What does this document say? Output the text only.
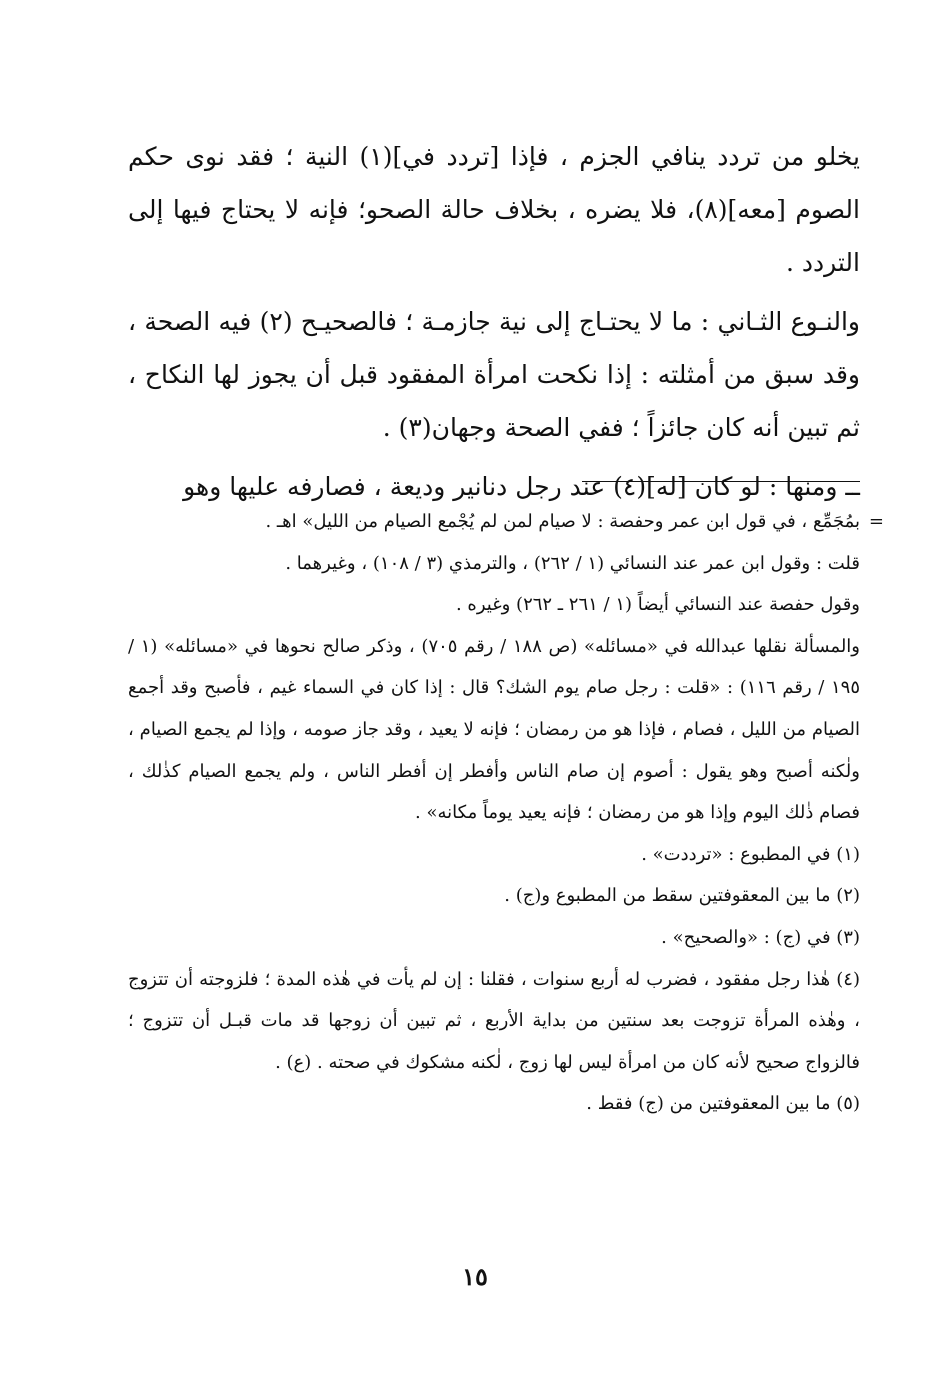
يخلو من تردد ينافي الجزم ، فإذا [تردد في](١) النية ؛ فقد نوى حكم الصوم [معه](٨)، فلا يضره ، بخلاف حالة الصحو؛ فإنه لا يحتاج فيها إلى التردد .

والنـوع الثـاني : ما لا يحتـاج إلى نية جازمـة ؛ فالصحيـح (٢) فيه الصحة ، وقد سبق من أمثلته : إذا نكحت امرأة المفقود قبل أن يجوز لها النكاح ، ثم تبين أنه كان جائزاً ؛ ففي الصحة وجهان(٣) .

ــ ومنها : لو كان [له](٤) عند رجل دنانير وديعة ، فصارفه عليها وهو

=
بمُجَمِّع ، في قول ابن عمر وحفصة : لا صيام لمن لم يُجْمع الصيام من الليل» اهـ .

قلت : وقول ابن عمر عند النسائي (١ / ٢٦٢) ، والترمذي (٣ / ١٠٨) ، وغيرهما .

وقول حفصة عند النسائي أيضاً (١ / ٢٦١ ـ ٢٦٢) وغيره .

والمسألة نقلها عبدالله في «مسائله» (ص ١٨٨ / رقم ٧٠٥) ، وذكر صالح نحوها في «مسائله» (١ / ١٩٥ / رقم ١١٦) : «قلت : رجل صام يوم الشك؟ قال : إذا كان في السماء غيم ، فأصبح وقد أجمع الصيام من الليل ، فصام ، فإذا هو من رمضان ؛ فإنه لا يعيد ، وقد جاز صومه ، وإذا لم يجمع الصيام ، ولٰكنه أصبح وهو يقول : أصوم إن صام الناس وأفطر إن أفطر الناس ، ولم يجمع الصيام كذٰلك ، فصام ذٰلك اليوم وإذا هو من رمضان ؛ فإنه يعيد يوماً مكانه» .

(١) في المطبوع : «ترددت» .

(٢) ما بين المعقوفتين سقط من المطبوع و(ج) .

(٣) في (ج) : «والصحيح» .

(٤) هٰذا رجل مفقود ، فضرب له أربع سنوات ، فقلنا : إن لم يأت في هٰذه المدة ؛ فلزوجته أن تتزوج ، وهٰذه المرأة تزوجت بعد سنتين من بداية الأربع ، ثم تبين أن زوجها قد مات قبـل أن تتزوج ؛ فالزواج صحيح لأنه كان من امرأة ليس لها زوج ، لٰكنه مشكوك في صحته . (ع) .

(٥) ما بين المعقوفتين من (ج) فقط .

١٥
